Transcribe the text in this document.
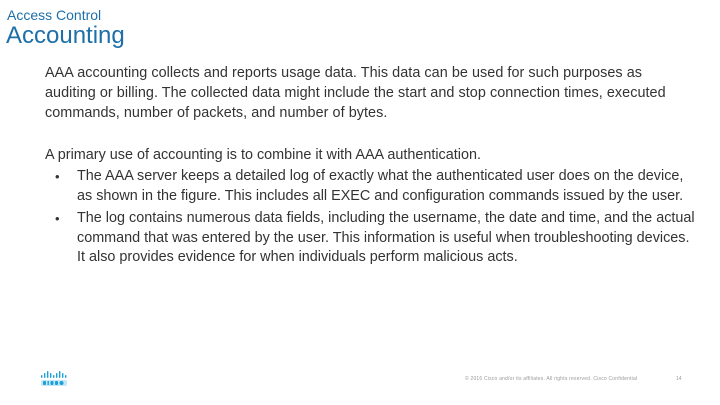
Access Control
Accounting

AAA accounting collects and reports usage data. This data can be used for such purposes as auditing or billing. The collected data might include the start and stop connection times, executed commands, number of packets, and number of bytes.

A primary use of accounting is to combine it with AAA authentication.

• The AAA server keeps a detailed log of exactly what the authenticated user does on the device, as shown in the figure. This includes all EXEC and configuration commands issued by the user.
• The log contains numerous data fields, including the username, the date and time, and the actual command that was entered by the user. This information is useful when troubleshooting devices. It also provides evidence for when individuals perform malicious acts.
© 2016 Cisco and/or its affiliates. All rights reserved. Cisco Confidential	14
